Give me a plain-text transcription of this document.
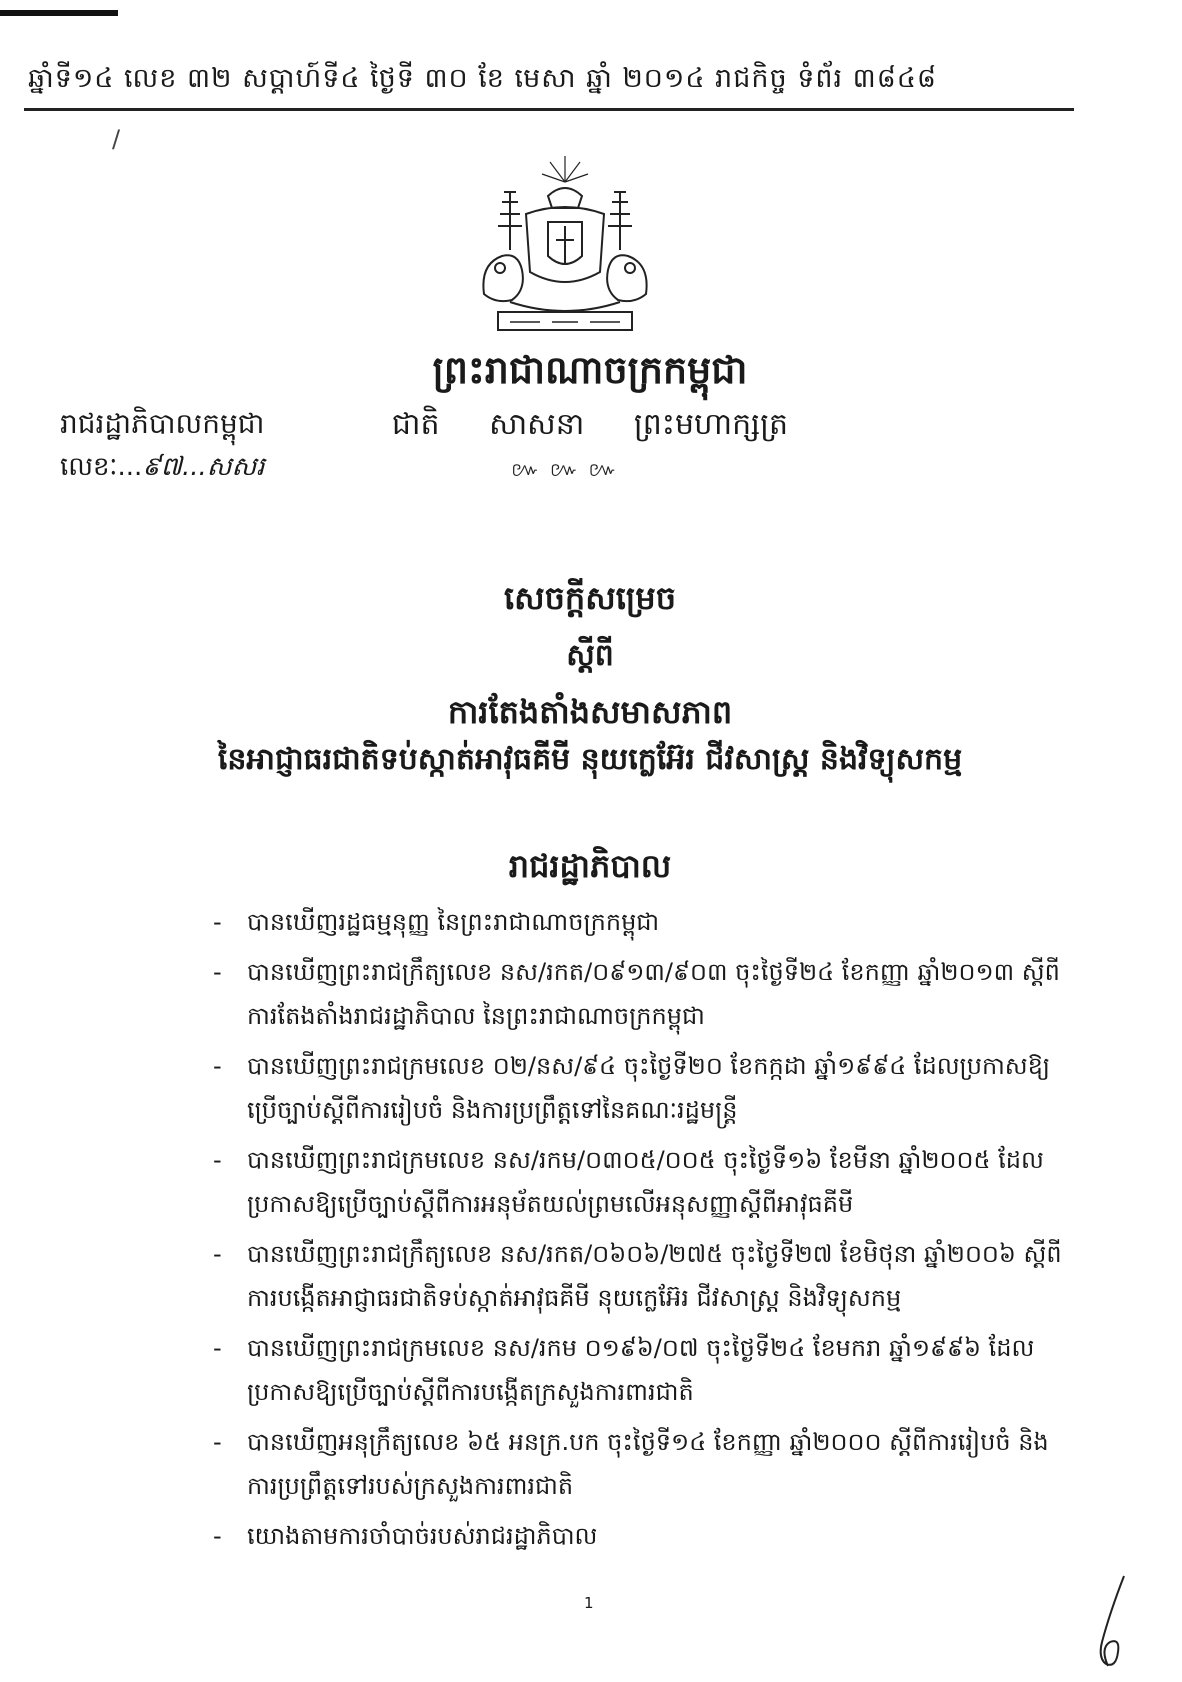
ឆ្នាំទី១៤ លេខ ៣២ សប្តាហ៍ទី៤ ថ្ងៃទី ៣០ ខែ មេសា ឆ្នាំ ២០១៤ រាជកិច្ច ទំព័រ ៣៨៤៨
/
ព្រះរាជាណាចក្រកម្ពុជា
ជាតិ សាសនា ព្រះមហាក្សត្រ
៚ ៚ ៚
រាជរដ្ឋាភិបាលកម្ពុជា
លេខៈ...៩៧...សសរ
សេចក្តីសម្រេច
ស្តីពី
ការតែងតាំងសមាសភាព
នៃអាជ្ញាធរជាតិទប់ស្កាត់អាវុធគីមី នុយក្លេអ៊ែរ ជីវសាស្រ្ត និងវិទ្យុសកម្ម
រាជរដ្ឋាភិបាល
- បានឃើញរដ្ឋធម្មនុញ្ញ នៃព្រះរាជាណាចក្រកម្ពុជា
- បានឃើញព្រះរាជក្រឹត្យលេខ នស/រកត/០៩១៣/៩០៣ ចុះថ្ងៃទី២៤ ខែកញ្ញា ឆ្នាំ២០១៣ ស្តីពីការតែងតាំងរាជរដ្ឋាភិបាល នៃព្រះរាជាណាចក្រកម្ពុជា
- បានឃើញព្រះរាជក្រមលេខ ០២/នស/៩៤ ចុះថ្ងៃទី២០ ខែកក្កដា ឆ្នាំ១៩៩៤ ដែលប្រកាសឱ្យប្រើច្បាប់ស្តីពីការរៀបចំ និងការប្រព្រឹត្តទៅនៃគណៈរដ្ឋមន្ត្រី
- បានឃើញព្រះរាជក្រមលេខ នស/រកម/០៣០៥/០០៥ ចុះថ្ងៃទី១៦ ខែមីនា ឆ្នាំ២០០៥ ដែលប្រកាសឱ្យប្រើច្បាប់ស្តីពីការអនុម័តយល់ព្រមលើអនុសញ្ញាស្តីពីអាវុធគីមី
- បានឃើញព្រះរាជក្រឹត្យលេខ នស/រកត/០៦០៦/២៧៥ ចុះថ្ងៃទី២៧ ខែមិថុនា ឆ្នាំ២០០៦ ស្តីពីការបង្កើតអាជ្ញាធរជាតិទប់ស្កាត់អាវុធគីមី នុយក្លេអ៊ែរ ជីវសាស្រ្ត និងវិទ្យុសកម្ម
- បានឃើញព្រះរាជក្រមលេខ នស/រកម ០១៩៦/០៧ ចុះថ្ងៃទី២៤ ខែមករា ឆ្នាំ១៩៩៦ ដែលប្រកាសឱ្យប្រើច្បាប់ស្តីពីការបង្កើតក្រសួងការពារជាតិ
- បានឃើញអនុក្រឹត្យលេខ ៦៥ អនក្រ.បក ចុះថ្ងៃទី១៤ ខែកញ្ញា ឆ្នាំ២០០០ ស្តីពីការរៀបចំ និងការប្រព្រឹត្តទៅរបស់ក្រសួងការពារជាតិ
- យោងតាមការចាំបាច់របស់រាជរដ្ឋាភិបាល
1
